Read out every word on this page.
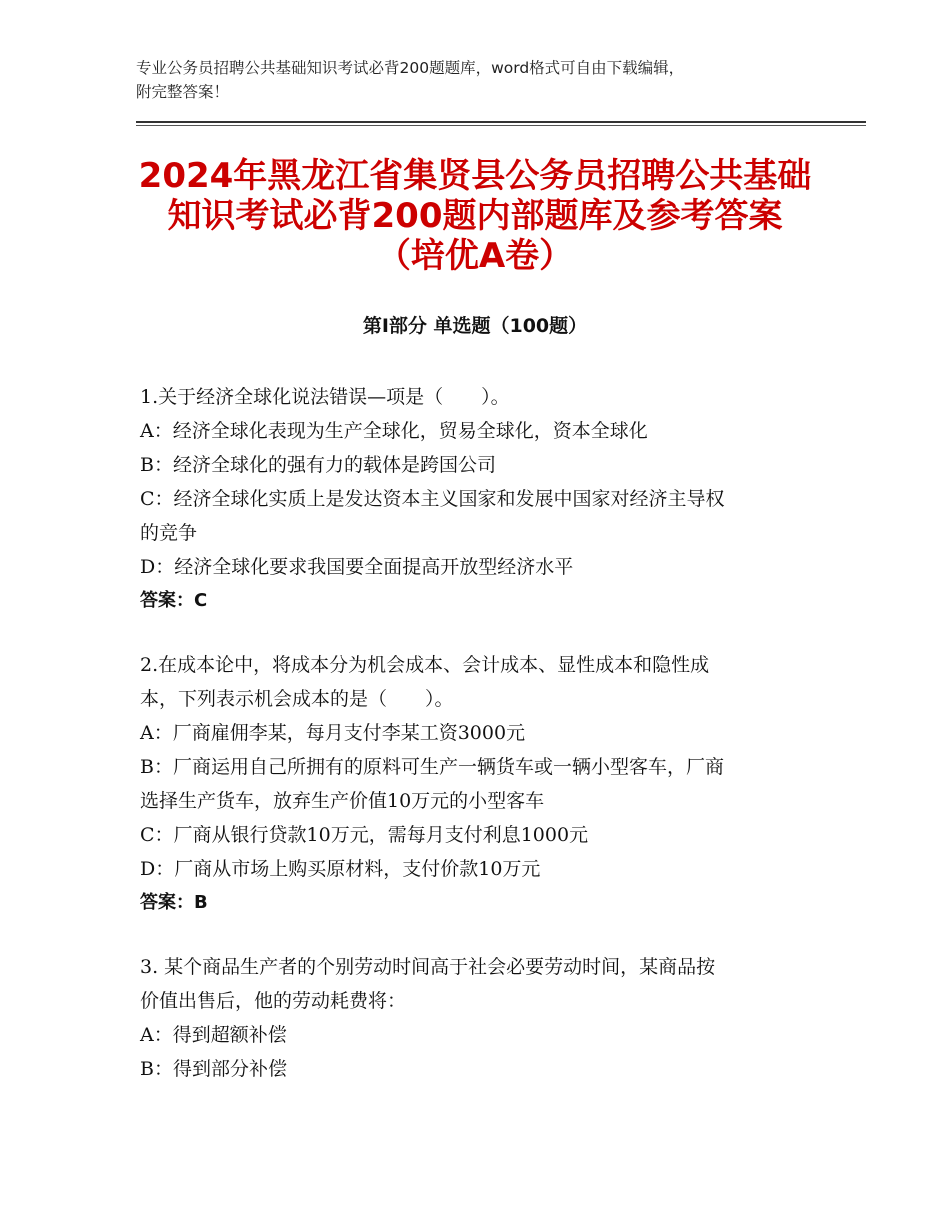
专业公务员招聘公共基础知识考试必背200题题库，word格式可自由下载编辑，
附完整答案！
2024年黑龙江省集贤县公务员招聘公共基础
知识考试必背200题内部题库及参考答案
（培优A卷）
第I部分 单选题（100题）

1.关于经济全球化说法错误—项是（　　）。

A：经济全球化表现为生产全球化，贸易全球化，资本全球化

B：经济全球化的强有力的载体是跨国公司

C：经济全球化实质上是发达资本主义国家和发展中国家对经济主导权

的竞争

D：经济全球化要求我国要全面提高开放型经济水平

答案：C

2.在成本论中，将成本分为机会成本、会计成本、显性成本和隐性成

本，下列表示机会成本的是（　　）。

A：厂商雇佣李某，每月支付李某工资3000元

B：厂商运用自己所拥有的原料可生产一辆货车或一辆小型客车，厂商

选择生产货车，放弃生产价值10万元的小型客车

C：厂商从银行贷款10万元，需每月支付利息1000元

D：厂商从市场上购买原材料，支付价款10万元

答案：B

3. 某个商品生产者的个别劳动时间高于社会必要劳动时间，某商品按

价值出售后，他的劳动耗费将：

A：得到超额补偿

B：得到部分补偿
